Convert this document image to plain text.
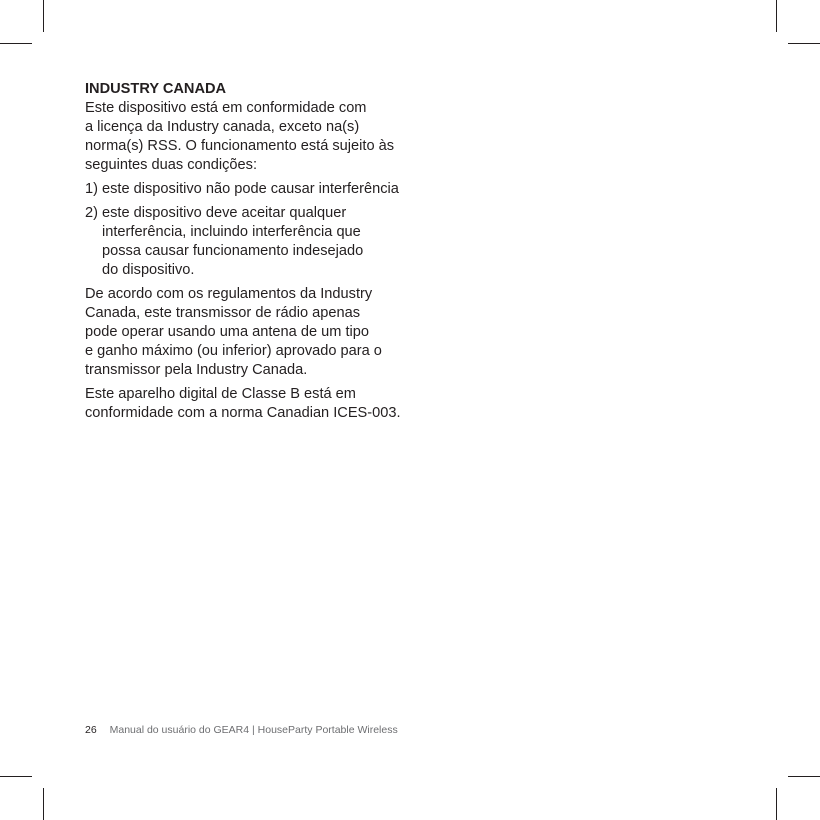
INDUSTRY CANADA

Este dispositivo está em conformidade com
a licença da Industry canada, exceto na(s)
norma(s) RSS. O funcionamento está sujeito às
seguintes duas condições:

1) este dispositivo não pode causar interferência
2) este dispositivo deve aceitar qualquer
interferência, incluindo interferência que
possa causar funcionamento indesejado
do dispositivo.

De acordo com os regulamentos da Industry
Canada, este transmissor de rádio apenas
pode operar usando uma antena de um tipo
e ganho máximo (ou inferior) aprovado para o
transmissor pela Industry Canada.

Este aparelho digital de Classe B está em
conformidade com a norma Canadian ICES-003.

26 Manual do usuário do GEAR4 | HouseParty Portable Wireless
